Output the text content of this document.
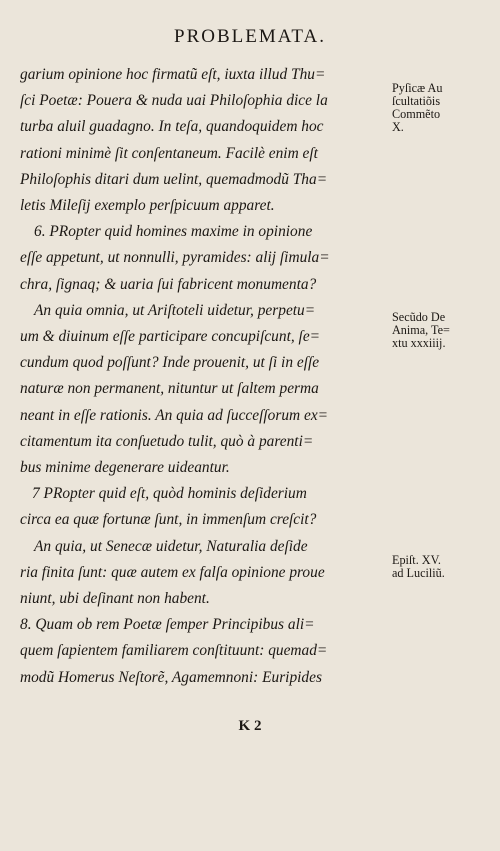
PROBLEMATA.
garium opinione hoc firmatũ eſt, iuxta illud Thu=
ſci Poetæ: Pouera & nuda uai Philoſophia dice la
turba aluil guadagno. In teſa, quandoquidem hoc
rationi minimè ſit conſentaneum. Facilè enim eſt
Philoſophis ditari dum uelint, quemadmodũ Tha=
letis Mileſij exemplo perſpicuum apparet.
6. PRopter quid homines maxime in opinione
eſſe appetunt, ut nonnulli, pyramides: alij ſimula=
chra, ſignaq; & uaria ſui fabricent monumenta?
An quia omnia, ut Ariſtoteli uidetur, perpetu=
um & diuinum eſſe participare concupiſcunt, ſe=
cundum quod poſſunt? Inde prouenit, ut ſi in eſſe
naturæ non permanent, nituntur ut ſaltem perma
neant in eſſe rationis. An quia ad ſucceſſorum ex=
citamentum ita conſuetudo tulit, quò à parenti=
bus minime degenerare uideantur.
7 PRopter quid eſt, quòd hominis deſiderium
circa ea quæ fortunæ ſunt, in immenſum creſcit?
An quia, ut Senecæ uidetur, Naturalia deſide
ria finita ſunt: quæ autem ex falſa opinione proue
niunt, ubi deſinant non habent.
8. Quam ob rem Poetæ ſemper Principibus ali=
quem ſapientem familiarem conſtituunt: quemad=
modũ Homerus Neſtorẽ, Agamemnoni: Euripides
Pyſicæ Au
ſcultatiõis
Commẽto
X.
Secũdo De
Anima, Te=
xtu xxxiiij.
Epiſt. XV.
ad Luciliũ.
K 2
